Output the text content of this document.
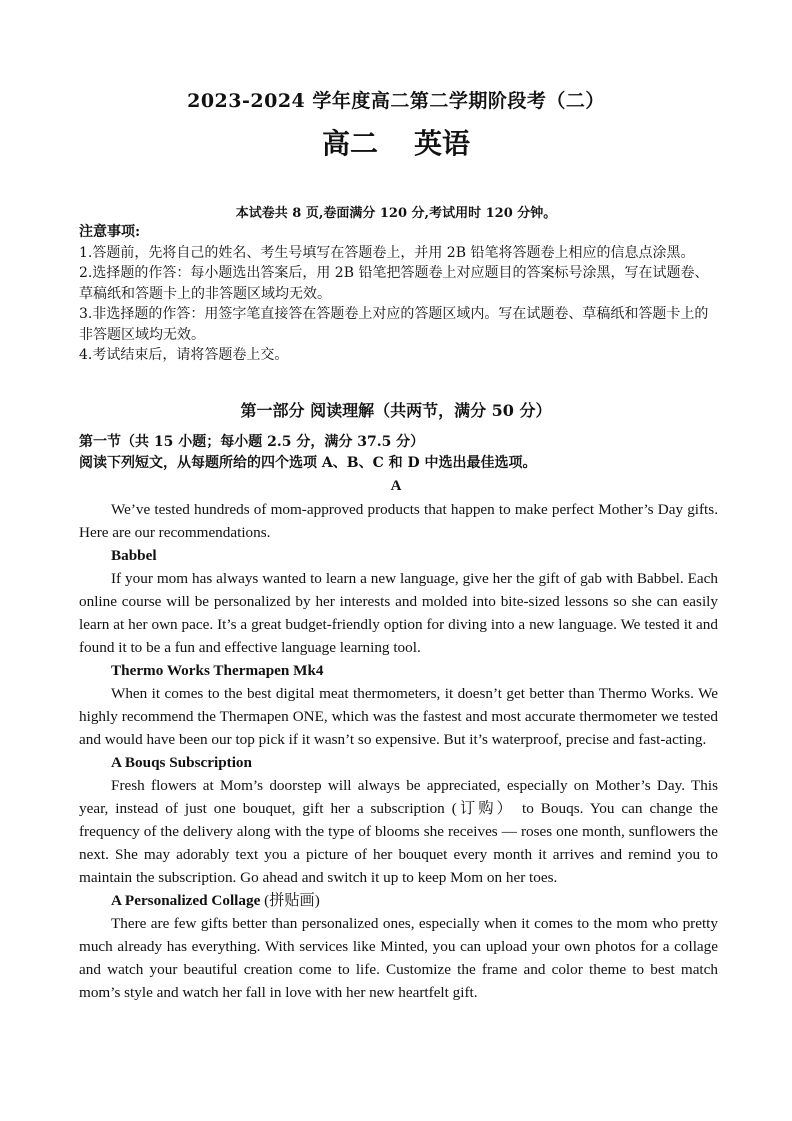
2023-2024 学年度高二第二学期阶段考（二）
高二 英语
本试卷共 8 页,卷面满分 120 分,考试用时 120 分钟。

注意事项:

1.答题前，先将自己的姓名、考生号填写在答题卷上，并用 2B 铅笔将答题卷上相应的信息点涂黑。

2.选择题的作答：每小题选出答案后，用 2B 铅笔把答题卷上对应题目的答案标号涂黑，写在试题卷、草稿纸和答题卡上的非答题区域均无效。

3.非选择题的作答：用签字笔直接答在答题卷上对应的答题区域内。写在试题卷、草稿纸和答题卡上的非答题区域均无效。

4.考试结束后，请将答题卷上交。

第一部分 阅读理解（共两节，满分 50 分）

第一节（共 15 小题；每小题 2.5 分，满分 37.5 分）

阅读下列短文，从每题所给的四个选项 A、B、C 和 D 中选出最佳选项。

A

We’ve tested hundreds of mom-approved products that happen to make perfect Mother’s Day gifts. Here are our recommendations.

Babbel

If your mom has always wanted to learn a new language, give her the gift of gab with Babbel. Each online course will be personalized by her interests and molded into bite-sized lessons so she can easily learn at her own pace. It’s a great budget-friendly option for diving into a new language. We tested it and found it to be a fun and effective language learning tool.

Thermo Works Thermapen Mk4

When it comes to the best digital meat thermometers, it doesn’t get better than Thermo Works. We highly recommend the Thermapen ONE, which was the fastest and most accurate thermometer we tested and would have been our top pick if it wasn’t so expensive. But it’s waterproof, precise and fast-acting.

A Bouqs Subscription

Fresh flowers at Mom’s doorstep will always be appreciated, especially on Mother’s Day. This year, instead of just one bouquet, gift her a subscription (订购） to Bouqs. You can change the frequency of the delivery along with the type of blooms she receives — roses one month, sunflowers the next. She may adorably text you a picture of her bouquet every month it arrives and remind you to maintain the subscription. Go ahead and switch it up to keep Mom on her toes.

A Personalized Collage (拼贴画)

There are few gifts better than personalized ones, especially when it comes to the mom who pretty much already has everything. With services like Minted, you can upload your own photos for a collage and watch your beautiful creation come to life. Customize the frame and color theme to best match mom’s style and watch her fall in love with her new heartfelt gift.
